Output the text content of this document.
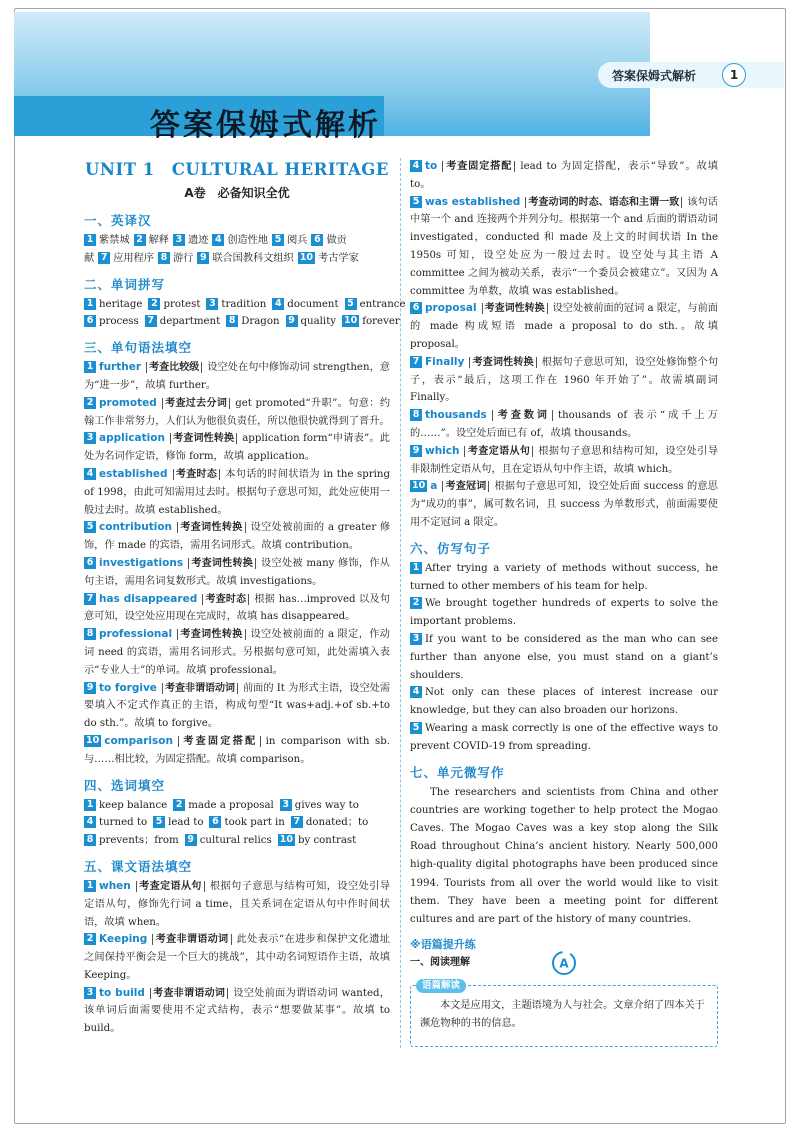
答案保姆式解析
答案保姆式解析	1
UNIT 1　CULTURAL HERITAGE
A卷　必备知识全优
一、英译汉
1 紫禁城 2 解释 3 遗迹 4 创造性地 5 阅兵 6 做贡
献 7 应用程序 8 游行 9 联合国教科文组织 10 考古学家
二、单词拼写
1 heritage 2 protest 3 tradition 4 document 5 entrance
6 process 7 department 8 Dragon 9 quality 10 forever
三、单句语法填空
1 further 考查比较级 设空处在句中修饰动词 strengthen，意为“进一步”，故填 further。
2 promoted 考查过去分词 get promoted“升职”。句意：约翰工作非常努力，人们认为他很负责任，所以他很快就得到了晋升。
3 application 考查词性转换 application form“申请表”。此处为名词作定语，修饰 form，故填 application。
4 established 考查时态 本句话的时间状语为 in the spring of 1998，由此可知需用过去时。根据句子意思可知，此处应使用一般过去时。故填 established。
5 contribution 考查词性转换 设空处被前面的 a greater 修饰，作 made 的宾语，需用名词形式。故填 contribution。
6 investigations 考查词性转换 设空处被 many 修饰，作从句主语，需用名词复数形式。故填 investigations。
7 has disappeared 考查时态 根据 has…improved 以及句意可知，设空处应用现在完成时，故填 has disappeared。
8 professional 考查词性转换 设空处被前面的 a 限定，作动词 need 的宾语，需用名词形式。另根据句意可知，此处需填入表示“专业人士”的单词。故填 professional。
9 to forgive 考查非谓语动词 前面的 It 为形式主语，设空处需要填入不定式作真正的主语，构成句型“It was+adj.+of sb.+to do sth.”。故填 to forgive。
10 comparison 考查固定搭配 in comparison with sb.与……相比较，为固定搭配。故填 comparison。
四、选词填空
1 keep balance 2 made a proposal 3 gives way to
4 turned to 5 lead to 6 took part in 7 donated；to
8 prevents；from 9 cultural relics 10 by contrast
五、课文语法填空
1 when 考查定语从句 根据句子意思与结构可知，设空处引导定语从句，修饰先行词 a time，且关系词在定语从句中作时间状语，故填 when。
2 Keeping 考查非谓语动词 此处表示“在进步和保护文化遗址之间保持平衡会是一个巨大的挑战”，其中动名词短语作主语，故填 Keeping。
3 to build 考查非谓语动词 设空处前面为谓语动词 wanted，该单词后面需要使用不定式结构，表示“想要做某事”。故填 to build。
4 to 考查固定搭配 lead to 为固定搭配，表示“导致”。故填 to。
5 was established 考查动词的时态、语态和主谓一致 该句话中第一个 and 连接两个并列分句。根据第一个 and 后面的谓语动词 investigated，conducted 和 made 及上文的时间状语 In the 1950s 可知，设空处应为一般过去时。设空处与其主语 A committee 之间为被动关系，表示“一个委员会被建立”。又因为 A committee 为单数，故填 was established。
6 proposal 考查词性转换 设空处被前面的冠词 a 限定，与前面的 made 构成短语 made a proposal to do sth.。故填 proposal。
7 Finally 考查词性转换 根据句子意思可知，设空处修饰整个句子，表示“最后，这项工作在 1960 年开始了”。故需填副词 Finally。
8 thousands 考查数词 thousands of 表示“成千上万的……”。设空处后面已有 of，故填 thousands。
9 which 考查定语从句 根据句子意思和结构可知，设空处引导非限制性定语从句，且在定语从句中作主语，故填 which。
10 a 考查冠词 根据句子意思可知，设空处后面 success 的意思为“成功的事”，属可数名词，且 success 为单数形式，前面需要使用不定冠词 a 限定。
六、仿写句子
1 After trying a variety of methods without success, he turned to other members of his team for help.
2 We brought together hundreds of experts to solve the important problems.
3 If you want to be considered as the man who can see further than anyone else, you must stand on a giant’s shoulders.
4 Not only can these places of interest increase our knowledge, but they can also broaden our horizons.
5 Wearing a mask correctly is one of the effective ways to prevent COVID-19 from spreading.
七、单元微写作
The researchers and scientists from China and other countries are working together to help protect the Mogao Caves. The Mogao Caves was a key stop along the Silk Road throughout China’s ancient history. Nearly 500,000 high-quality digital photographs have been produced since 1994. Tourists from all over the world would like to visit them. They have been a meeting point for different cultures and are part of the history of many countries.
※语篇提升练
一、阅读理解	A
语篇解读
本文是应用文，主题语境为人与社会。文章介绍了四本关于濒危物种的书的信息。
